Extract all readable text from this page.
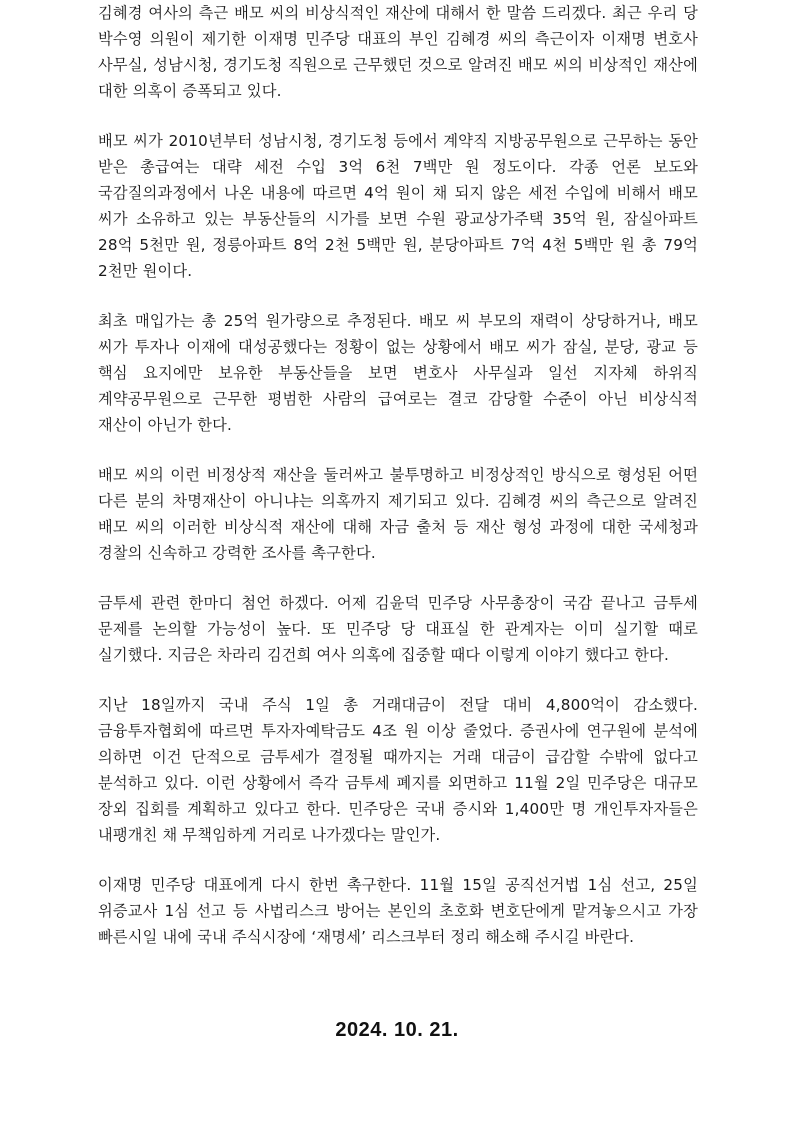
김혜경 여사의 측근 배모 씨의 비상식적인 재산에 대해서 한 말씀 드리겠다. 최근 우리 당 박수영 의원이 제기한 이재명 민주당 대표의 부인 김혜경 씨의 측근이자 이재명 변호사 사무실, 성남시청, 경기도청 직원으로 근무했던 것으로 알려진 배모 씨의 비상적인 재산에 대한 의혹이 증폭되고 있다.

배모 씨가 2010년부터 성남시청, 경기도청 등에서 계약직 지방공무원으로 근무하는 동안 받은 총급여는 대략 세전 수입 3억 6천 7백만 원 정도이다. 각종 언론 보도와 국감질의과정에서 나온 내용에 따르면 4억 원이 채 되지 않은 세전 수입에 비해서 배모 씨가 소유하고 있는 부동산들의 시가를 보면 수원 광교상가주택 35억 원, 잠실아파트 28억 5천만 원, 정릉아파트 8억 2천 5백만 원, 분당아파트 7억 4천 5백만 원 총 79억 2천만 원이다.

최초 매입가는 총 25억 원가량으로 추정된다. 배모 씨 부모의 재력이 상당하거나, 배모 씨가 투자나 이재에 대성공했다는 정황이 없는 상황에서 배모 씨가 잠실, 분당, 광교 등 핵심 요지에만 보유한 부동산들을 보면 변호사 사무실과 일선 지자체 하위직 계약공무원으로 근무한 평범한 사람의 급여로는 결코 감당할 수준이 아닌 비상식적 재산이 아닌가 한다.

배모 씨의 이런 비정상적 재산을 둘러싸고 불투명하고 비정상적인 방식으로 형성된 어떤 다른 분의 차명재산이 아니냐는 의혹까지 제기되고 있다. 김혜경 씨의 측근으로 알려진 배모 씨의 이러한 비상식적 재산에 대해 자금 출처 등 재산 형성 과정에 대한 국세청과 경찰의 신속하고 강력한 조사를 촉구한다.

금투세 관련 한마디 첨언 하겠다. 어제 김윤덕 민주당 사무총장이 국감 끝나고 금투세 문제를 논의할 가능성이 높다. 또 민주당 당 대표실 한 관계자는 이미 실기할 때로 실기했다. 지금은 차라리 김건희 여사 의혹에 집중할 때다 이렇게 이야기 했다고 한다.

지난 18일까지 국내 주식 1일 총 거래대금이 전달 대비 4,800억이 감소했다. 금융투자협회에 따르면 투자자예탁금도 4조 원 이상 줄었다. 증권사에 연구원에 분석에 의하면 이건 단적으로 금투세가 결정될 때까지는 거래 대금이 급감할 수밖에 없다고 분석하고 있다. 이런 상황에서 즉각 금투세 폐지를 외면하고 11월 2일 민주당은 대규모 장외 집회를 계획하고 있다고 한다. 민주당은 국내 증시와 1,400만 명 개인투자자들은 내팽개친 채 무책임하게 거리로 나가겠다는 말인가.

이재명 민주당 대표에게 다시 한번 촉구한다. 11월 15일 공직선거법 1심 선고, 25일 위증교사 1심 선고 등 사법리스크 방어는 본인의 초호화 변호단에게 맡겨놓으시고 가장 빠른시일 내에 국내 주식시장에 ‘재명세’ 리스크부터 정리 해소해 주시길 바란다.

2024. 10. 21.
